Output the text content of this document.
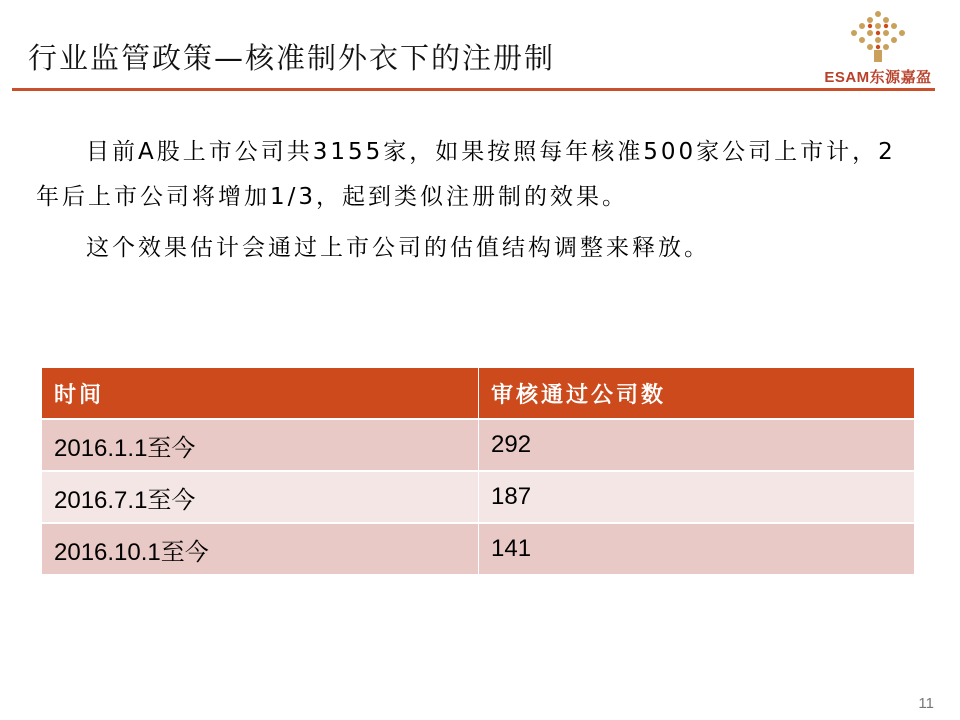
行业监管政策—核准制外衣下的注册制
ESAM东源嘉盈
目前A股上市公司共3155家，如果按照每年核准500家公司上市计，2年后上市公司将增加1/3，起到类似注册制的效果。
这个效果估计会通过上市公司的估值结构调整来释放。
时间	审核通过公司数
2016.1.1至今	292
2016.7.1至今	187
2016.10.1至今	141
11
